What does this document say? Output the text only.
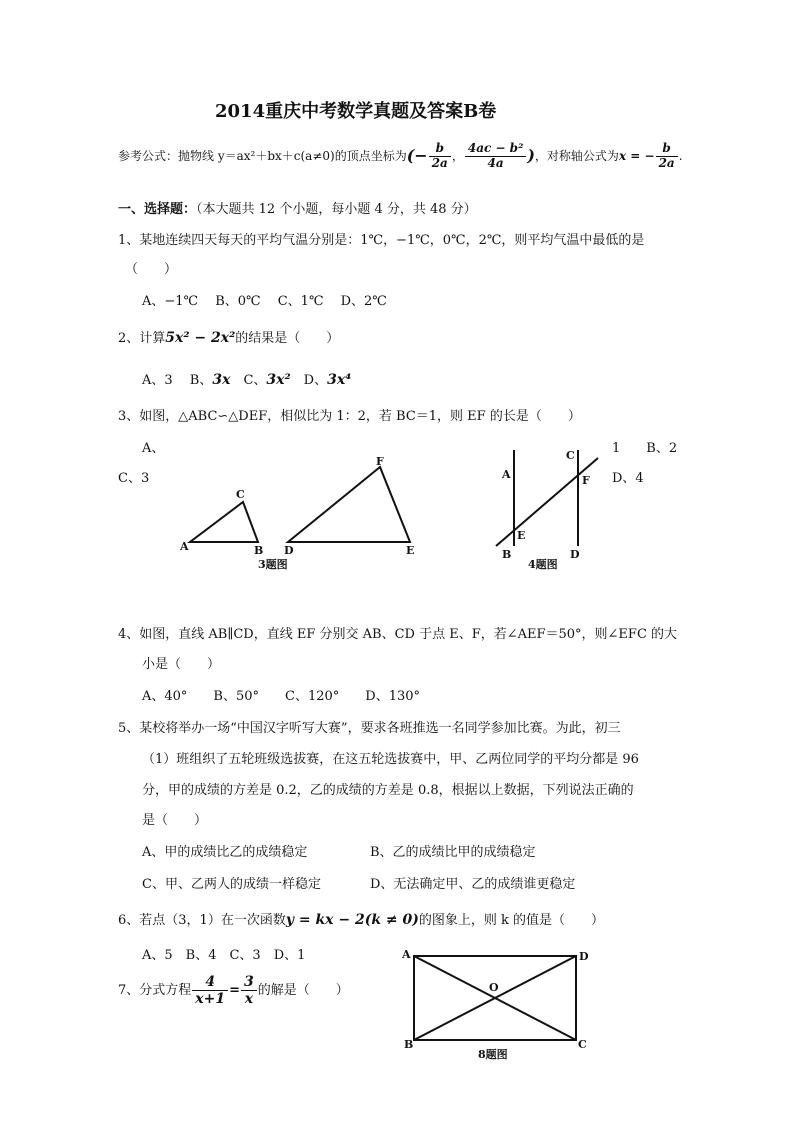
2014重庆中考数学真题及答案B卷
参考公式：抛物线 y＝ax²＋bx＋c(a≠0)的顶点坐标为 (− $\frac{b}{2a}$ ， $\frac{\text{4ac − b²}}{4a}$ ) ，对称轴公式为 x = − $\frac{b}{2a}$ .
一、选择题：（本大题共 12 个小题，每小题 4 分，共 48 分）
1、某地连续四天每天的平均气温分别是：1℃，−1℃，0℃，2℃，则平均气温中最低的是
（　　）
A、−1℃　 B、0℃　 C、1℃　 D、2℃
2、计算5x² − 2x²的结果是（　　）
A、3　 B、3x　C、3x²　D、3x⁴
3、如图，△ABC∽△DEF，相似比为 1：2，若 BC＝1，则 EF 的长是（　　）
A、	1　　B、2
C、3	D、4
A	B
C
D	E
F
3题图
A
B
C
D
E
F
4题图
4、如图，直线 AB∥CD，直线 EF 分别交 AB、CD 于点 E、F，若∠AEF＝50°，则∠EFC 的大
小是（　　）
A、40°　　B、50°　　C、120°　　D、130°
5、某校将举办一场“中国汉字听写大赛”，要求各班推选一名同学参加比赛。为此，初三
（1）班组织了五轮班级选拔赛，在这五轮选拔赛中，甲、乙两位同学的平均分都是 96
分，甲的成绩的方差是 0.2，乙的成绩的方差是 0.8，根据以上数据，下列说法正确的
是（　　）
A、甲的成绩比乙的成绩稳定	B、乙的成绩比甲的成绩稳定
C、甲、乙两人的成绩一样稳定	D、无法确定甲、乙的成绩谁更稳定
6、若点（3，1）在一次函数y = kx − 2(k ≠ 0)的图象上，则 k 的值是（　　）
A、5　B、4　C、3　D、1
7、分式方程 $\frac{4}{x+1} = \frac{3}{x}$ 的解是（　　）
A	D
B	C
O
8题图
